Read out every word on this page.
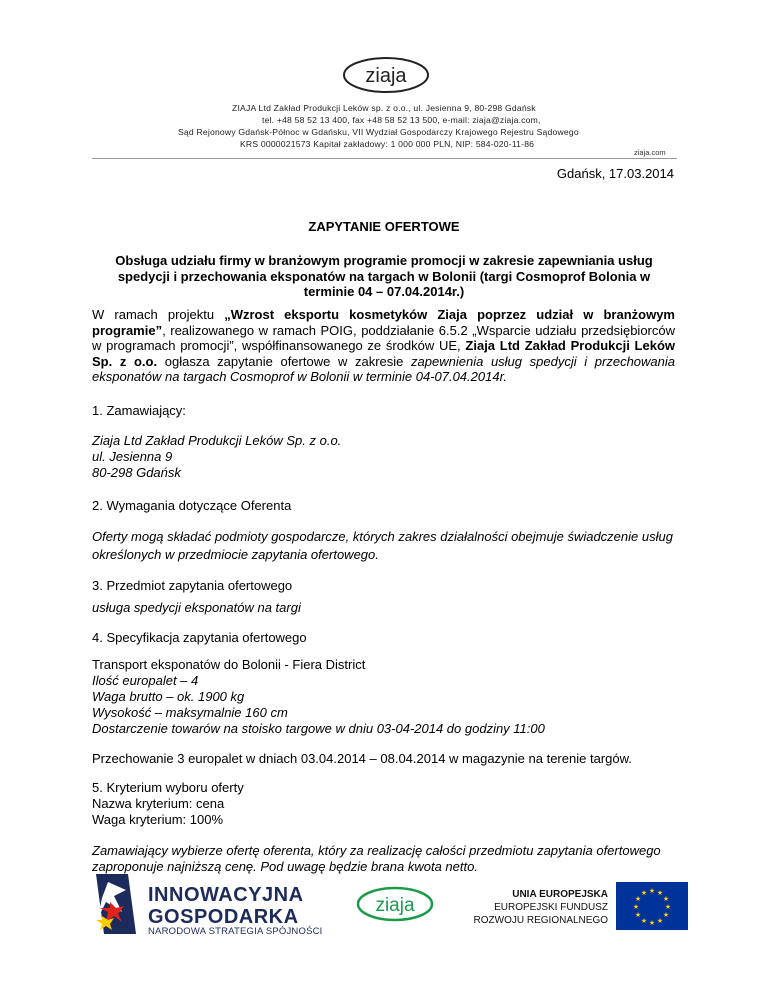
ziaja
ZIAJA Ltd Zakład Produkcji Leków sp. z o.o., ul. Jesienna 9, 80-298 Gdańsk
tel. +48 58 52 13 400, fax +48 58 52 13 500, e-mail: ziaja@ziaja.com,
Sąd Rejonowy Gdańsk-Północ w Gdańsku, VII Wydział Gospodarczy Krajowego Rejestru Sądowego
KRS 0000021573 Kapitał zakładowy: 1 000 000 PLN, NIP: 584-020-11-86
ziaja.com
Gdańsk, 17.03.2014
ZAPYTANIE OFERTOWE
Obsługa udziału firmy w branżowym programie promocji w zakresie zapewniania usług spedycji i przechowania eksponatów na targach w Bolonii (targi Cosmoprof Bolonia w terminie 04 – 07.04.2014r.)
W ramach projektu „Wzrost eksportu kosmetyków Ziaja poprzez udział w branżowym programie”, realizowanego w ramach POIG, poddziałanie 6.5.2 „Wsparcie udziału przedsiębiorców w programach promocji”, współfinansowanego ze środków UE, Ziaja Ltd Zakład Produkcji Leków Sp. z o.o. ogłasza zapytanie ofertowe w zakresie zapewnienia usług spedycji i przechowania eksponatów na targach Cosmoprof w Bolonii w terminie 04-07.04.2014r.
1. Zamawiający:
Ziaja Ltd Zakład Produkcji Leków Sp. z o.o.
ul. Jesienna 9
80-298 Gdańsk
2. Wymagania dotyczące Oferenta
Oferty mogą składać podmioty gospodarcze, których zakres działalności obejmuje świadczenie usług określonych w przedmiocie zapytania ofertowego.
3. Przedmiot zapytania ofertowego
usługa spedycji eksponatów na targi
4. Specyfikacja zapytania ofertowego
Transport eksponatów do Bolonii - Fiera District
Ilość europalet – 4
Waga brutto – ok. 1900 kg
Wysokość – maksymalnie 160 cm
Dostarczenie towarów na stoisko targowe w dniu 03-04-2014 do godziny 11:00
Przechowanie 3 europalet w dniach 03.04.2014 – 08.04.2014 w magazynie na terenie targów.
5. Kryterium wyboru oferty
Nazwa kryterium: cena
Waga kryterium: 100%
Zamawiający wybierze ofertę oferenta, który za realizację całości przedmiotu zapytania ofertowego zaproponuje najniższą cenę. Pod uwagę będzie brana kwota netto.
INNOWACYJNA
GOSPODARKA
NARODOWA STRATEGIA SPÓJNOŚCI
ziaja
UNIA EUROPEJSKA
EUROPEJSKI FUNDUSZ
ROZWOJU REGIONALNEGO
★ ★
★
★
★
★
★
★
★
★
★
★
